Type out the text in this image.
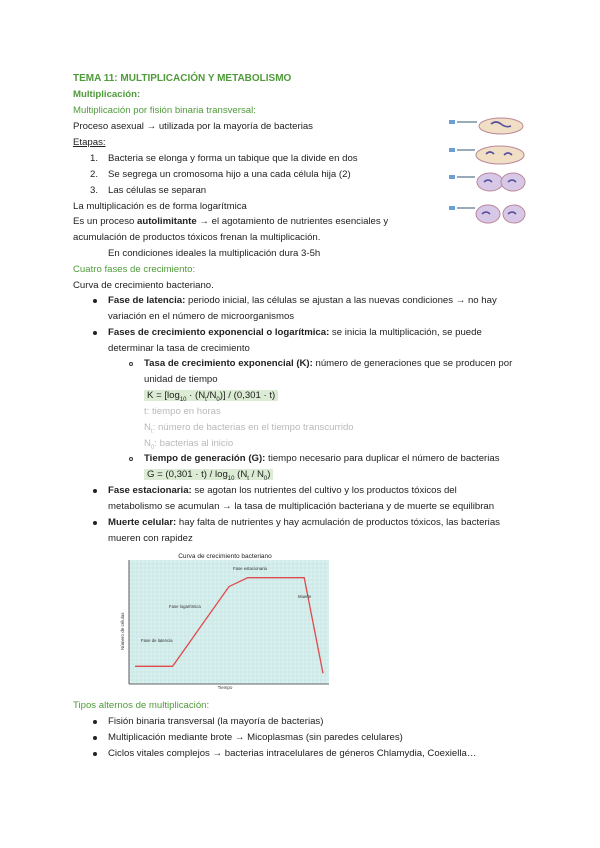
TEMA 11: MULTIPLICACIÓN Y METABOLISMO
Multiplicación:
Multiplicación por fisión binaria transversal:
Proceso asexual → utilizada por la mayoría de bacterias
Etapas:
1. Bacteria se elonga y forma un tabique que la divide en dos
2. Se segrega un cromosoma hijo a una cada célula hija (2)
3. Las células se separan
La multiplicación es de forma logarítmica
Es un proceso autolimitante → el agotamiento de nutrientes esenciales y
acumulación de productos tóxicos frenan la multiplicación.
En condiciones ideales la multiplicación dura 3-5h
Cuatro fases de crecimiento:
Curva de crecimiento bacteriano.
Fase de latencia: periodo inicial, las células se ajustan a las nuevas condiciones → no hay
variación en el número de microorganismos
Fases de crecimiento exponencial o logarítmica: se inicia la multiplicación, se puede
determinar la tasa de crecimiento
Tasa de crecimiento exponencial (K): número de generaciones que se producen por
unidad de tiempo
$K = [\log_{10} \cdot (N_t/N_0)] / (0,301 \cdot t)$
t: tiempo en horas
$N_t$: número de bacterias en el tiempo transcurrido
$N_0$: bacterias al inicio
Tiempo de generación (G): tiempo necesario para duplicar el número de bacterias
$G = (0,301 \cdot t) / \log_{10} (N_t / N_0)$
Fase estacionaria: se agotan los nutrientes del cultivo y los productos tóxicos del
metabolismo se acumulan → la tasa de multiplicación bacteriana y de muerte se equilibran
Muerte celular: hay falta de nutrientes y hay acmulación de productos tóxicos, las bacterias
mueren con rapidez
Curva de crecimiento bacteriano
Número de células
Tiempo
Fase de latencia
Fase logarítmica
Fase estacionaria
Muerte
Tipos alternos de multiplicación:
Fisión binaria transversal (la mayoría de bacterias)
Multiplicación mediante brote → Micoplasmas (sin paredes celulares)
Ciclos vitales complejos → bacterias intracelulares de géneros Chlamydia, Coexiella…
